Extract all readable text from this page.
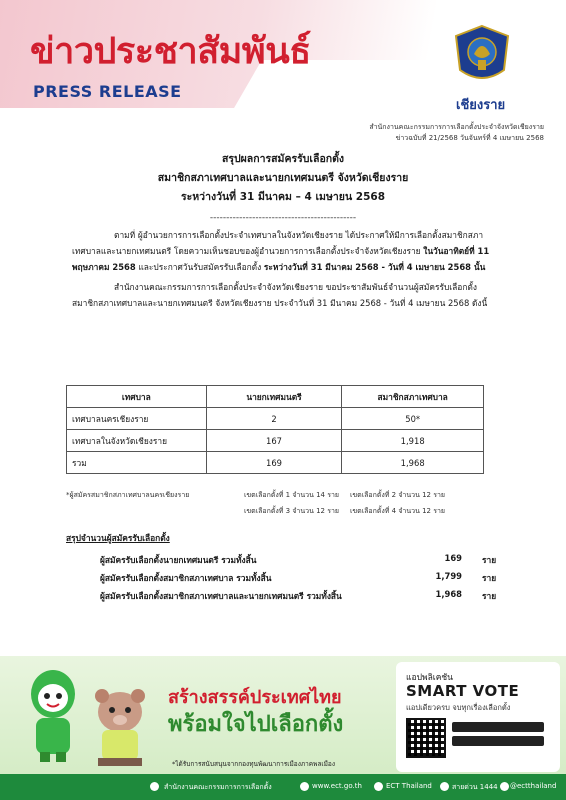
ข่าวประชาสัมพันธ์
PRESS RELEASE
เชียงราย
สำนักงานคณะกรรมการการเลือกตั้งประจำจังหวัดเชียงราย
ข่าวฉบับที่ 21/2568 วันจันทร์ที่ 4 เมษายน 2568
สรุปผลการสมัครรับเลือกตั้ง
สมาชิกสภาเทศบาลและนายกเทศมนตรี จังหวัดเชียงราย
ระหว่างวันที่ 31 มีนาคม – 4 เมษายน 2568
---------------------------------------------

ตามที่ ผู้อำนวยการการเลือกตั้งประจำเทศบาลในจังหวัดเชียงราย ได้ประกาศให้มีการเลือกตั้งสมาชิกสภาเทศบาลและนายกเทศมนตรี โดยความเห็นชอบของผู้อำนวยการการเลือกตั้งประจำจังหวัดเชียงราย ในวันอาทิตย์ที่ 11 พฤษภาคม 2568 และประกาศวันรับสมัครรับเลือกตั้ง ระหว่างวันที่ 31 มีนาคม 2568 - วันที่ 4 เมษายน 2568 นั้น

สำนักงานคณะกรรมการการเลือกตั้งประจำจังหวัดเชียงราย ขอประชาสัมพันธ์จำนวนผู้สมัครรับเลือกตั้งสมาชิกสภาเทศบาลและนายกเทศมนตรี จังหวัดเชียงราย ประจำวันที่ 31 มีนาคม 2568 - วันที่ 4 เมษายน 2568 ดังนี้

เทศบาล	นายกเทศมนตรี	สมาชิกสภาเทศบาล
เทศบาลนครเชียงราย	2	50*
เทศบาลในจังหวัดเชียงราย	167	1,918
รวม	169	1,968
*ผู้สมัครสมาชิกสภาเทศบาลนครเชียงราย	เขตเลือกตั้งที่ 1 จำนวน 14 ราย เขตเลือกตั้งที่ 2 จำนวน 12 ราย
เขตเลือกตั้งที่ 3 จำนวน 12 ราย เขตเลือกตั้งที่ 4 จำนวน 12 ราย
สรุปจำนวนผู้สมัครรับเลือกตั้ง
ผู้สมัครรับเลือกตั้งนายกเทศมนตรี รวมทั้งสิ้น	169 ราย
ผู้สมัครรับเลือกตั้งสมาชิกสภาเทศบาล รวมทั้งสิ้น	1,799 ราย
ผู้สมัครรับเลือกตั้งสมาชิกสภาเทศบาลและนายกเทศมนตรี รวมทั้งสิ้น	1,968 ราย
สร้างสรรค์ประเทศไทย
พร้อมใจไปเลือกตั้ง
แอปพลิเคชัน
SMART VOTE
แอปเดียวครบ จบทุกเรื่องเลือกตั้ง
*ได้รับการสนับสนุนจากกองทุนพัฒนาการเมืองภาคพลเมือง
สำนักงานคณะกรรมการการเลือกตั้ง	www.ect.go.th	ECT Thailand	สายด่วน 1444 @ectthailand
